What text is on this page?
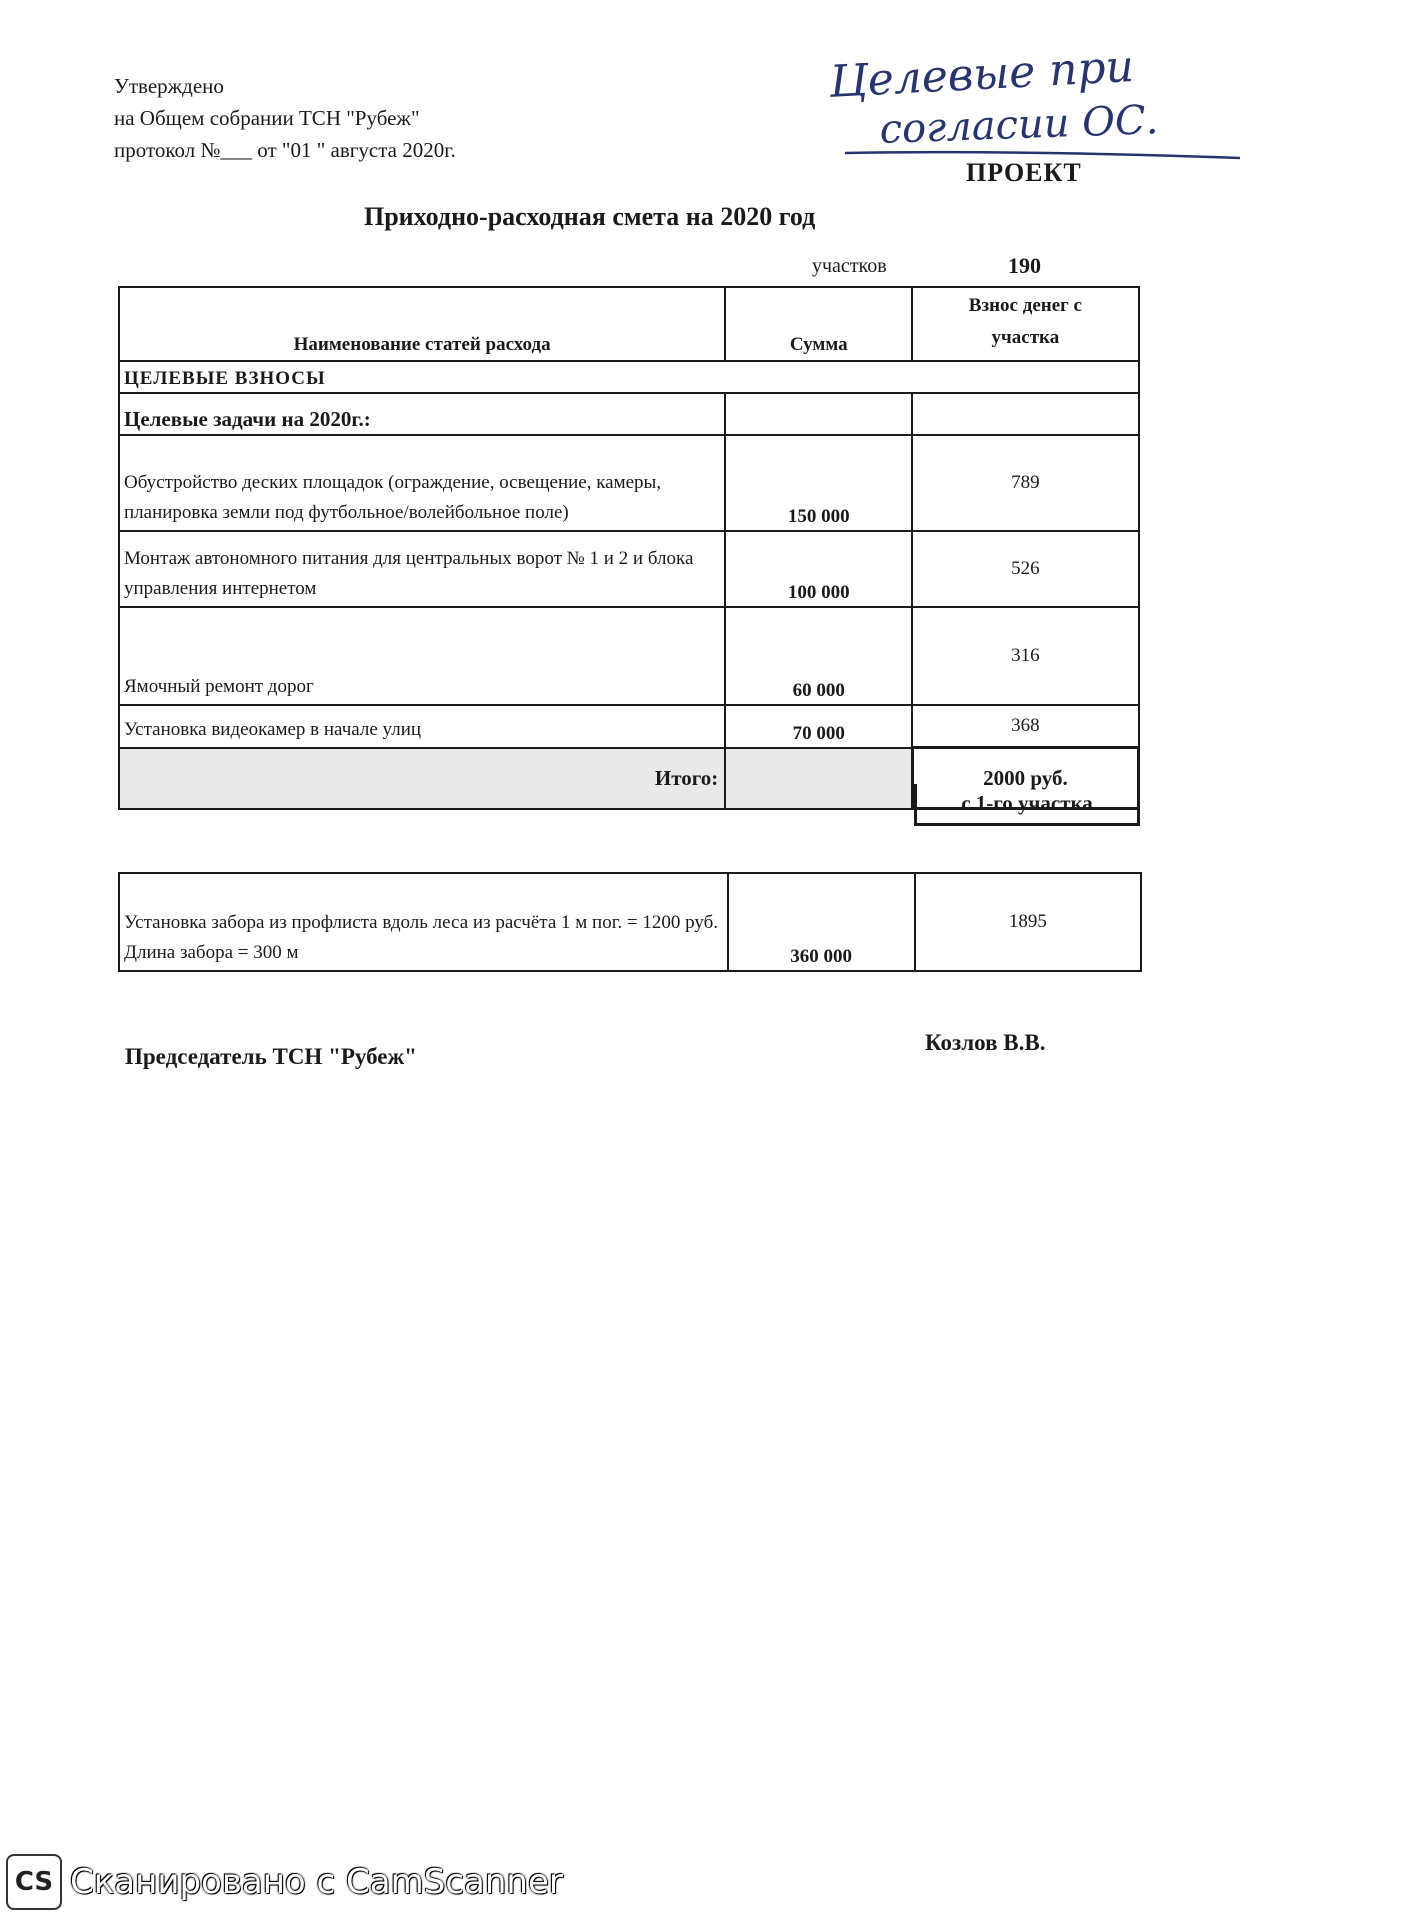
Утверждено
на Общем собрании ТСН "Рубеж"
протокол №___ от "01 " августа 2020г.
Целевые при
согласии ОС.
ПРОЕКТ
Приходно-расходная смета на 2020 год
участков	190
Наименование статей расхода	Сумма	Взнос денег с
участка

ЦЕЛЕВЫЕ ВЗНОСЫ		
Целевые задачи на 2020г.:		
Обустройство деских площадок (ограждение, освещение, камеры, планировка земли под футбольное/волейбольное поле)	150 000	789
Монтаж автономного питания для центральных ворот № 1 и 2 и блока управления интернетом	100 000	526
Ямочный ремонт дорог	60 000	316
Установка видеокамер в начале улиц	70 000	368
Итого:		2000 руб.
с 1-го участка
Установка забора из профлиста вдоль леса из расчёта 1 м пог. = 1200 руб. Длина забора = 300 м	360 000	1895
Председатель ТСН "Рубеж"
Козлов В.В.
CS Сканировано с CamScanner
